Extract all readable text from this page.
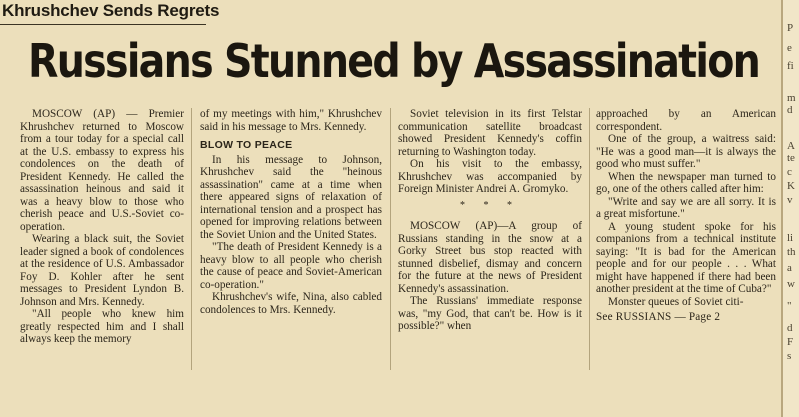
Khrushchev Sends Regrets
Russians Stunned by Assassination

MOSCOW (AP) — Premier Khrushchev returned to Moscow from a tour today for a special call at the U.S. embassy to express his condolences on the death of President Kennedy. He called the assassination heinous and said it was a heavy blow to those who cherish peace and U.S.-Soviet co-operation.

Wearing a black suit, the Soviet leader signed a book of condolences at the residence of U.S. Ambassador Foy D. Kohler after he sent messages to President Lyndon B. Johnson and Mrs. Kennedy.

"All people who knew him greatly respected him and I shall always keep the memory

of my meetings with him," Khrushchev said in his message to Mrs. Kennedy.

BLOW TO PEACE

In his message to Johnson, Khrushchev said the "heinous assassination" came at a time when there appeared signs of relaxation of international tension and a prospect has opened for improving relations between the Soviet Union and the United States.

"The death of President Kennedy is a heavy blow to all people who cherish the cause of peace and Soviet-American co-operation."

Khrushchev's wife, Nina, also cabled condolences to Mrs. Kennedy.

Soviet television in its first Telstar communication satellite broadcast showed President Kennedy's coffin returning to Washington today.

On his visit to the embassy, Khrushchev was accompanied by Foreign Minister Andrei A. Gromyko.

* * *

MOSCOW (AP)—A group of Russians standing in the snow at a Gorky Street bus stop reacted with stunned disbelief, dismay and concern for the future at the news of President Kennedy's assassination.

The Russians' immediate response was, "my God, that can't be. How is it possible?" when

approached by an American correspondent.

One of the group, a waitress said: "He was a good man—it is always the good who must suffer."

When the newspaper man turned to go, one of the others called after him:

"Write and say we are all sorry. It is a great misfortune."

A young student spoke for his companions from a technical institute saying: "It is bad for the American people and for our people . . . What might have happened if there had been another president at the time of Cuba?"

Monster queues of Soviet citi-

See RUSSIANS — Page 2

P
e
fi
m
d
A
te
c
K
v
li
th
a
w
"
d
F
s
